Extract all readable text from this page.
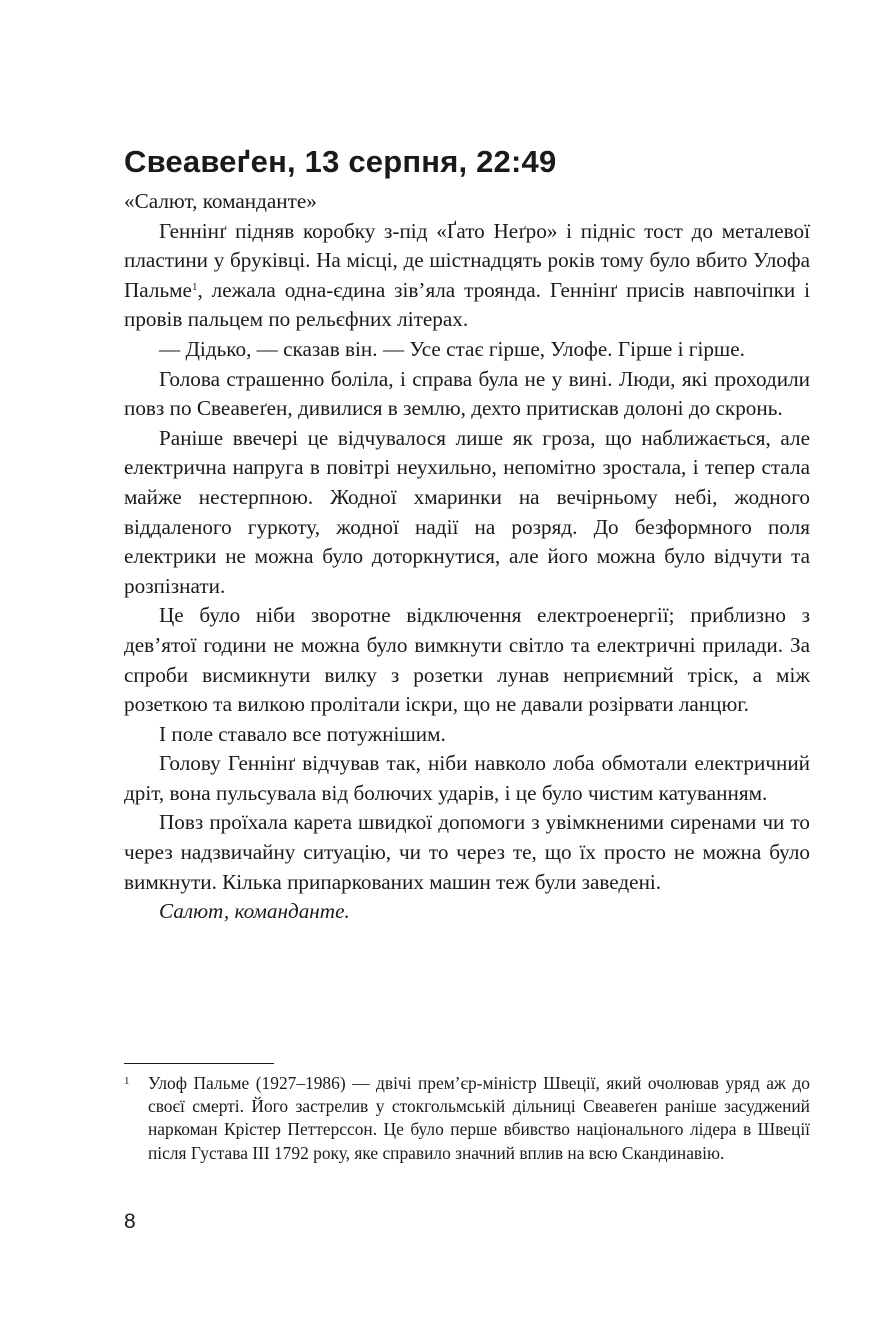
Свеавеґен, 13 серпня, 22:49

«Салют, команданте»

Геннінґ підняв коробку з-під «Ґато Неґро» і підніс тост до металевої пластини у бруківці. На місці, де шістнадцять років тому було вбито Улофа Пальме$^1$, лежала одна-єдина зів’яла троянда. Геннінґ присів навпочіпки і провів пальцем по рельєфних літерах.

— Дідько, — сказав він. — Усе стає гірше, Улофе. Гірше і гірше.

Голова страшенно боліла, і справа була не у вині. Люди, які проходили повз по Свеавеґен, дивилися в землю, дехто притискав долоні до скронь.

Раніше ввечері це відчувалося лише як гроза, що наближається, але електрична напруга в повітрі неухильно, непомітно зростала, і тепер стала майже нестерпною. Жодної хмаринки на вечірньому небі, жодного віддаленого гуркоту, жодної надії на розряд. До безформного поля електрики не можна було доторкнутися, але його можна було відчути та розпізнати.

Це було ніби зворотне відключення електроенергії; приблизно з дев’ятої години не можна було вимкнути світло та електричні прилади. За спроби висмикнути вилку з розетки лунав неприємний тріск, а між розеткою та вилкою пролітали іскри, що не давали розірвати ланцюг.

І поле ставало все потужнішим.

Голову Геннінґ відчував так, ніби навколо лоба обмотали електричний дріт, вона пульсувала від болючих ударів, і це було чистим катуванням.

Повз проїхала карета швидкої допомоги з увімкненими сиренами чи то через надзвичайну ситуацію, чи то через те, що їх просто не можна було вимкнути. Кілька припаркованих машин теж були заведені.

Салют, команданте.

1 Улоф Пальме (1927–1986) — двічі прем’єр-міністр Швеції, який очолював уряд аж до своєї смерті. Його застрелив у стокгольмській дільниці Свеавеґен раніше засуджений наркоман Крістер Петтерссон. Це було перше вбивство національного лідера в Швеції після Густава III 1792 року, яке справило значний вплив на всю Скандинавію.
8
